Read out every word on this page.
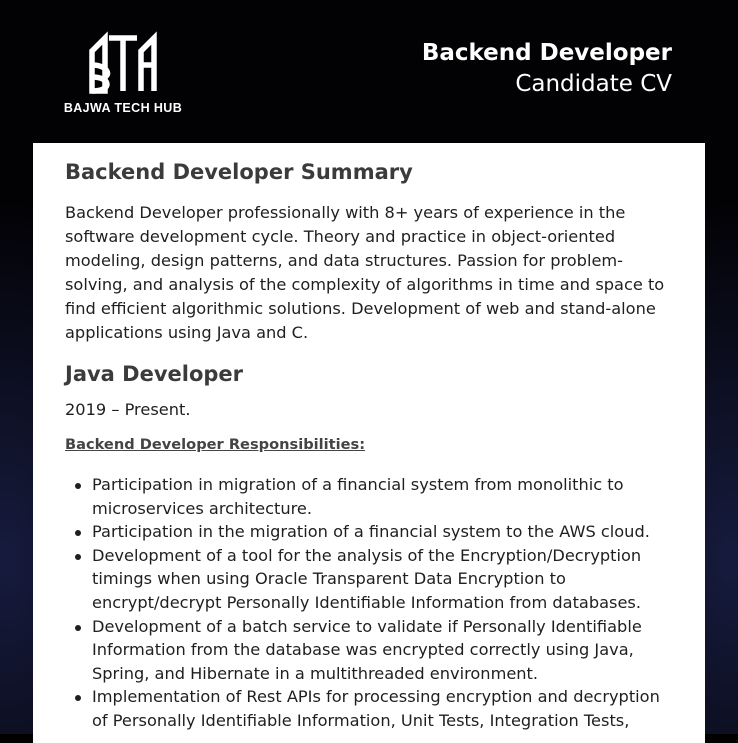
BAJWA TECH HUB
Backend Developer
Candidate CV
Backend Developer Summary

Backend Developer professionally with 8+ years of experience in the
software development cycle. Theory and practice in object-oriented
modeling, design patterns, and data structures. Passion for problem-
solving, and analysis of the complexity of algorithms in time and space to
find efficient algorithmic solutions. Development of web and stand-alone
applications using Java and C.

Java Developer

2019 – Present.

Backend Developer Responsibilities:

Participation in migration of a financial system from monolithic to
microservices architecture.
Participation in the migration of a financial system to the AWS cloud.
Development of a tool for the analysis of the Encryption/Decryption
timings when using Oracle Transparent Data Encryption to
encrypt/decrypt Personally Identifiable Information from databases.
Development of a batch service to validate if Personally Identifiable
Information from the database was encrypted correctly using Java,
Spring, and Hibernate in a multithreaded environment.
Implementation of Rest APIs for processing encryption and decryption
of Personally Identifiable Information, Unit Tests, Integration Tests,
